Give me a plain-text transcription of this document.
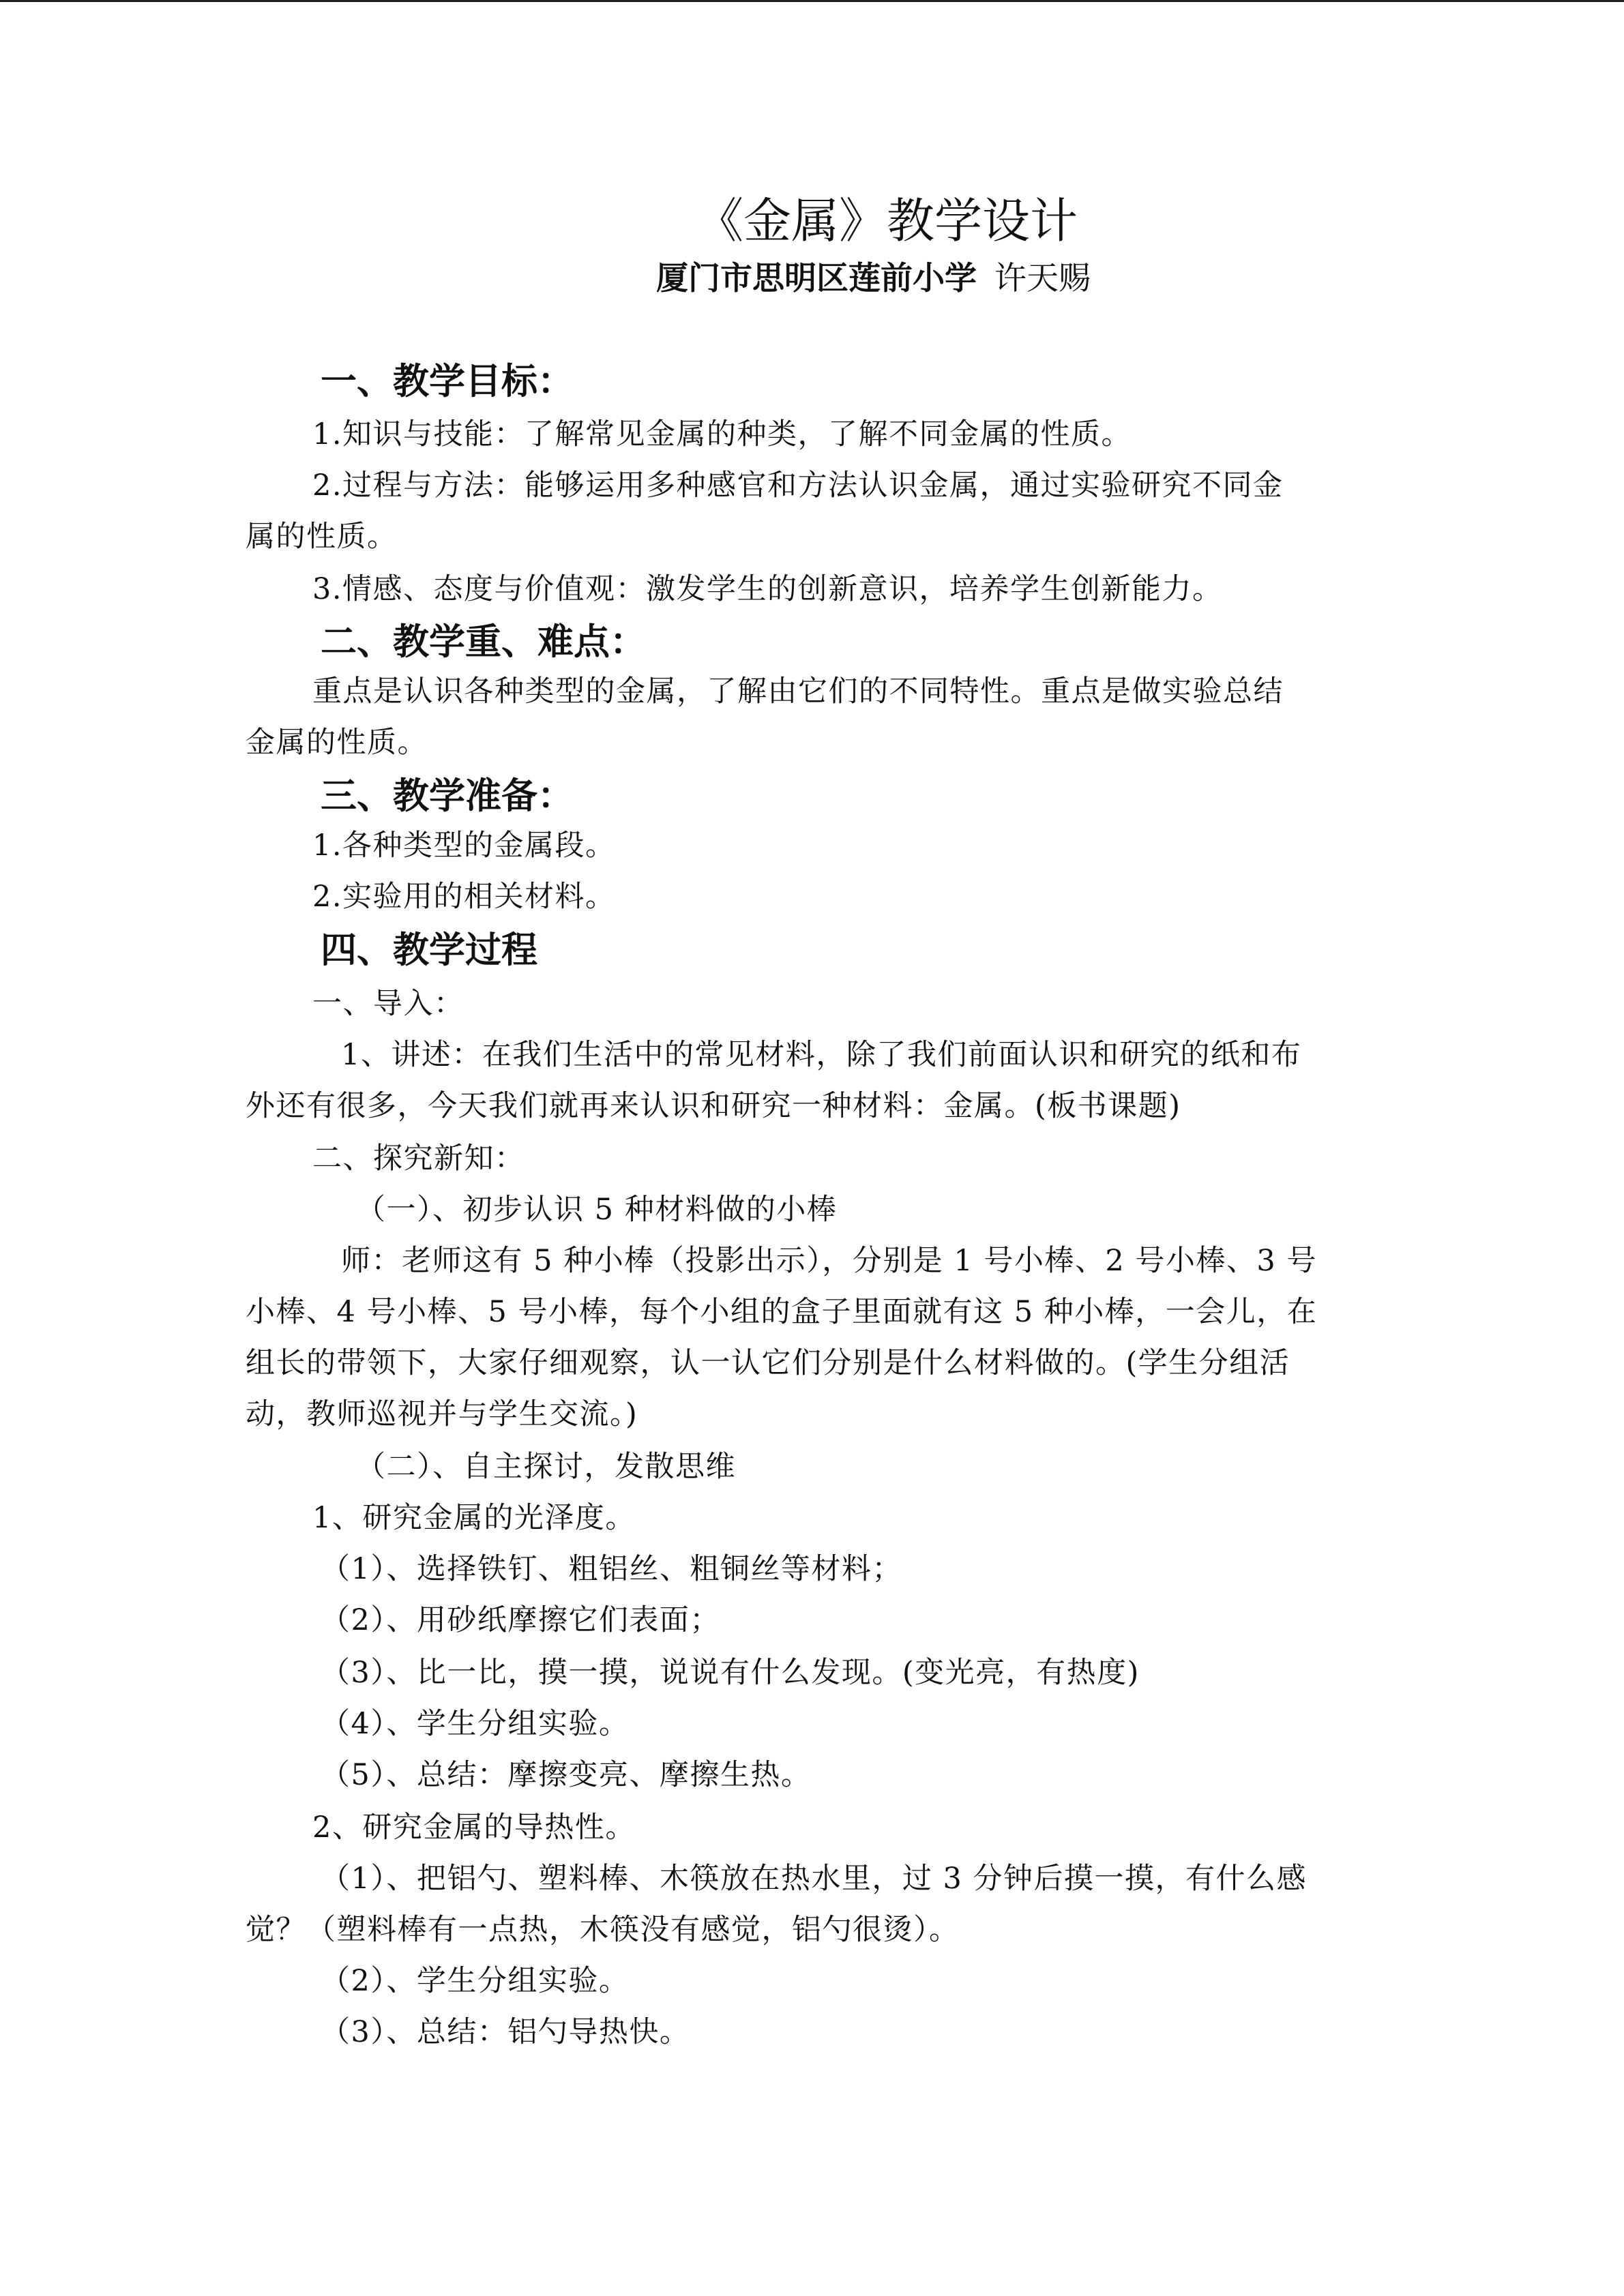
《金属》教学设计
厦门市思明区莲前小学 许天赐
一、教学目标：
1.知识与技能：了解常见金属的种类，了解不同金属的性质。
2.过程与方法：能够运用多种感官和方法认识金属，通过实验研究不同金
属的性质。
3.情感、态度与价值观：激发学生的创新意识，培养学生创新能力。
二、教学重、难点：
重点是认识各种类型的金属，了解由它们的不同特性。重点是做实验总结
金属的性质。
三、教学准备：
1.各种类型的金属段。
2.实验用的相关材料。
四、教学过程
一、导入：
1、讲述：在我们生活中的常见材料，除了我们前面认识和研究的纸和布
外还有很多，今天我们就再来认识和研究一种材料：金属。(板书课题)
二、探究新知：
（一）、初步认识 5 种材料做的小棒
师：老师这有 5 种小棒（投影出示），分别是 1 号小棒、2 号小棒、3 号
小棒、4 号小棒、5 号小棒，每个小组的盒子里面就有这 5 种小棒，一会儿，在
组长的带领下，大家仔细观察，认一认它们分别是什么材料做的。(学生分组活
动，教师巡视并与学生交流。)
（二）、自主探讨，发散思维
1、研究金属的光泽度。
（1）、选择铁钉、粗铝丝、粗铜丝等材料；
（2）、用砂纸摩擦它们表面；
（3）、比一比，摸一摸，说说有什么发现。(变光亮，有热度)
（4）、学生分组实验。
（5）、总结：摩擦变亮、摩擦生热。
2、研究金属的导热性。
（1）、把铝勺、塑料棒、木筷放在热水里，过 3 分钟后摸一摸，有什么感
觉？（塑料棒有一点热，木筷没有感觉，铝勺很烫）。
（2）、学生分组实验。
（3）、总结：铝勺导热快。
